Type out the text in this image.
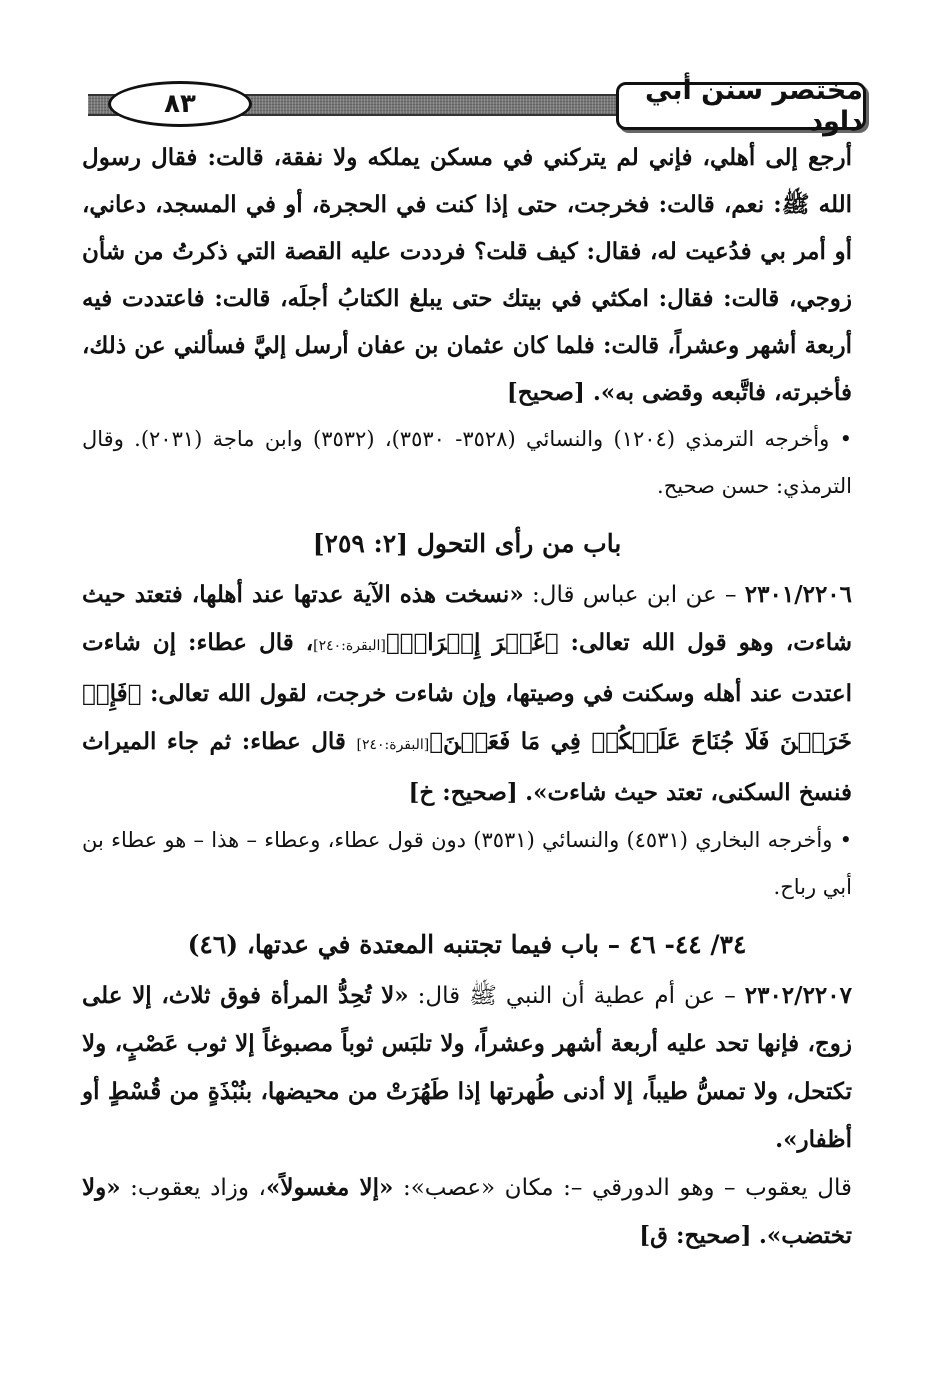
٨٣	مختصر سنن أبي داود

أرجع إلى أهلي، فإني لم يتركني في مسكن يملكه ولا نفقة، قالت: فقال رسول الله ﷺ: نعم، قالت: فخرجت، حتى إذا كنت في الحجرة، أو في المسجد، دعاني، أو أمر بي فدُعيت له، فقال: كيف قلت؟ فرددت عليه القصة التي ذكرتُ من شأن زوجي، قالت: فقال: امكثي في بيتك حتى يبلغ الكتابُ أجلَه، قالت: فاعتددت فيه أربعة أشهر وعشراً، قالت: فلما كان عثمان بن عفان أرسل إليَّ فسألني عن ذلك، فأخبرته، فاتَّبعه وقضى به». [صحيح]

• وأخرجه الترمذي (١٢٠٤) والنسائي (٣٥٢٨- ٣٥٣٠)، (٣٥٣٢) وابن ماجة (٢٠٣١). وقال الترمذي: حسن صحيح.

باب من رأى التحول [٢: ٢٥٩]

٢٣٠١/٢٢٠٦ – عن ابن عباس قال: «نسخت هذه الآية عدتها عند أهلها، فتعتد حيث شاءت، وهو قول الله تعالى: ﴿غَيۡرَ إِخۡرَاجٖ﴾[البقرة:٢٤٠]، قال عطاء: إن شاءت اعتدت عند أهله وسكنت في وصيتها، وإن شاءت خرجت، لقول الله تعالى: ﴿فَإِنۡ خَرَجۡنَ فَلَا جُنَاحَ عَلَيۡكُمۡ فِي مَا فَعَلۡنَ﴾[البقرة:٢٤٠] قال عطاء: ثم جاء الميراث فنسخ السكنى، تعتد حيث شاءت». [صحيح: خ]

• وأخرجه البخاري (٤٥٣١) والنسائي (٣٥٣١) دون قول عطاء، وعطاء – هذا – هو عطاء بن أبي رباح.

٣٤/ ٤٤- ٤٦ – باب فيما تجتنبه المعتدة في عدتها، (٤٦)

٢٣٠٢/٢٢٠٧ – عن أم عطية أن النبي ﷺ قال: «لا تُحِدُّ المرأة فوق ثلاث، إلا على زوج، فإنها تحد عليه أربعة أشهر وعشراً، ولا تلبَس ثوباً مصبوغاً إلا ثوب عَصْبٍ، ولا تكتحل، ولا تمسُّ طيباً، إلا أدنى طُهرتها إذا طَهُرَتْ من محيضها، بنُبْذَةٍ من قُسْطٍ أو أظفار».

قال يعقوب – وهو الدورقي –: مكان «عصب»: «إلا مغسولاً»، وزاد يعقوب: «ولا تختضب». [صحيح: ق]
